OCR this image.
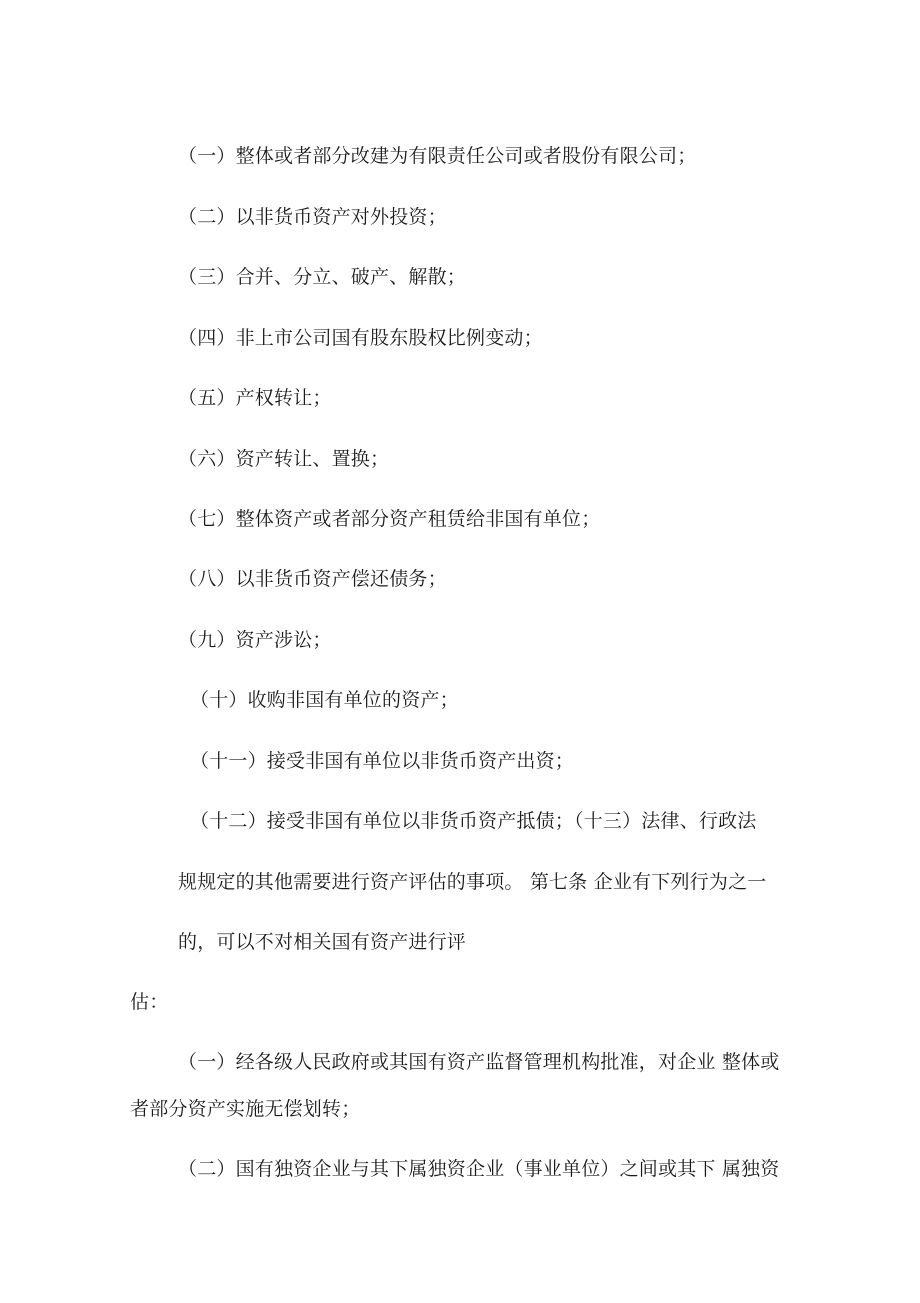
（一）整体或者部分改建为有限责任公司或者股份有限公司；
（二）以非货币资产对外投资；
（三）合并、分立、破产、解散；
（四）非上市公司国有股东股权比例变动；
（五）产权转让；
（六）资产转让、置换；
（七）整体资产或者部分资产租赁给非国有单位；
（八）以非货币资产偿还债务；
（九）资产涉讼；
（十）收购非国有单位的资产；
（十一）接受非国有单位以非货币资产出资；
（十二）接受非国有单位以非货币资产抵债；（十三）法律、行政法
规规定的其他需要进行资产评估的事项。 第七条 企业有下列行为之一
的，可以不对相关国有资产进行评
估：
（一）经各级人民政府或其国有资产监督管理机构批准，对企业 整体或
者部分资产实施无偿划转；
（二）国有独资企业与其下属独资企业（事业单位）之间或其下 属独资
